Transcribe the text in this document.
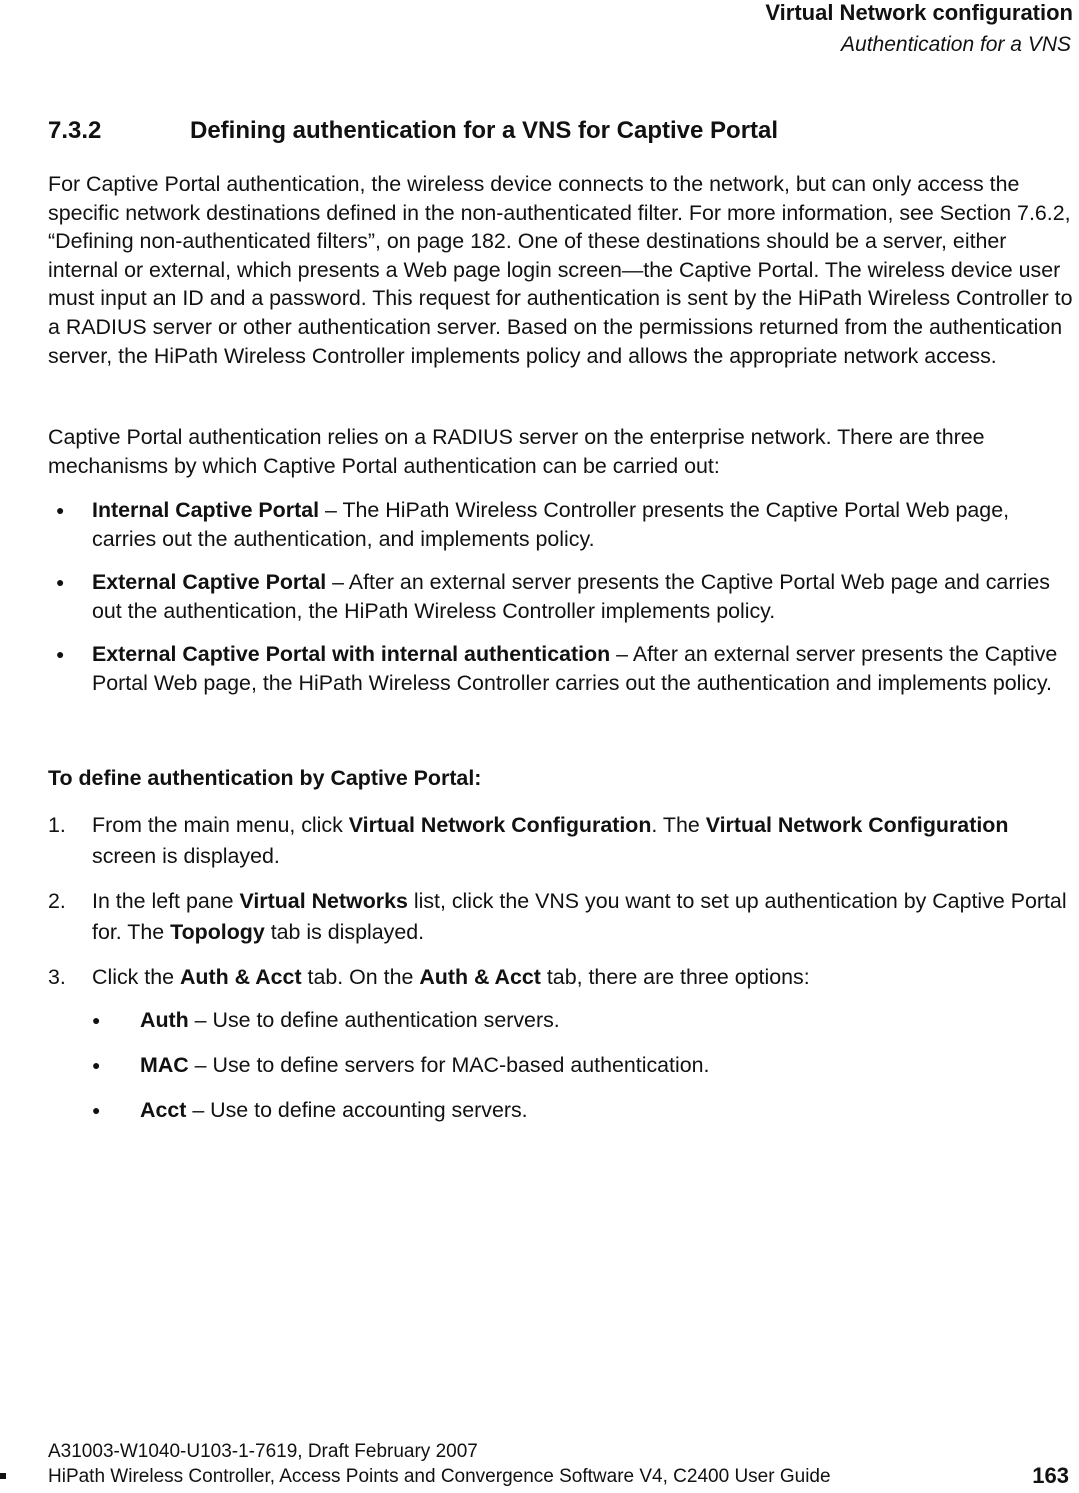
Virtual Network configuration
Authentication for a VNS
7.3.2	Defining authentication for a VNS for Captive Portal
For Captive Portal authentication, the wireless device connects to the network, but can only access the specific network destinations defined in the non-authenticated filter. For more information, see Section 7.6.2, “Defining non-authenticated filters”, on page 182. One of these destinations should be a server, either internal or external, which presents a Web page login screen—the Captive Portal. The wireless device user must input an ID and a password. This request for authentication is sent by the HiPath Wireless Controller to a RADIUS server or other authentication server. Based on the permissions returned from the authentication server, the HiPath Wireless Controller implements policy and allows the appropriate network access.
Captive Portal authentication relies on a RADIUS server on the enterprise network. There are three mechanisms by which Captive Portal authentication can be carried out:
● Internal Captive Portal – The HiPath Wireless Controller presents the Captive Portal Web page, carries out the authentication, and implements policy.
● External Captive Portal – After an external server presents the Captive Portal Web page and carries out the authentication, the HiPath Wireless Controller implements policy.
● External Captive Portal with internal authentication – After an external server presents the Captive Portal Web page, the HiPath Wireless Controller carries out the authentication and implements policy.
To define authentication by Captive Portal:
1. From the main menu, click Virtual Network Configuration. The Virtual Network Configuration screen is displayed.
2. In the left pane Virtual Networks list, click the VNS you want to set up authentication by Captive Portal for. The Topology tab is displayed.
3. Click the Auth & Acct tab. On the Auth & Acct tab, there are three options:
● Auth – Use to define authentication servers.
● MAC – Use to define servers for MAC-based authentication.
● Acct – Use to define accounting servers.
A31003-W1040-U103-1-7619, Draft February 2007
HiPath Wireless Controller, Access Points and Convergence Software V4, C2400 User Guide	163
